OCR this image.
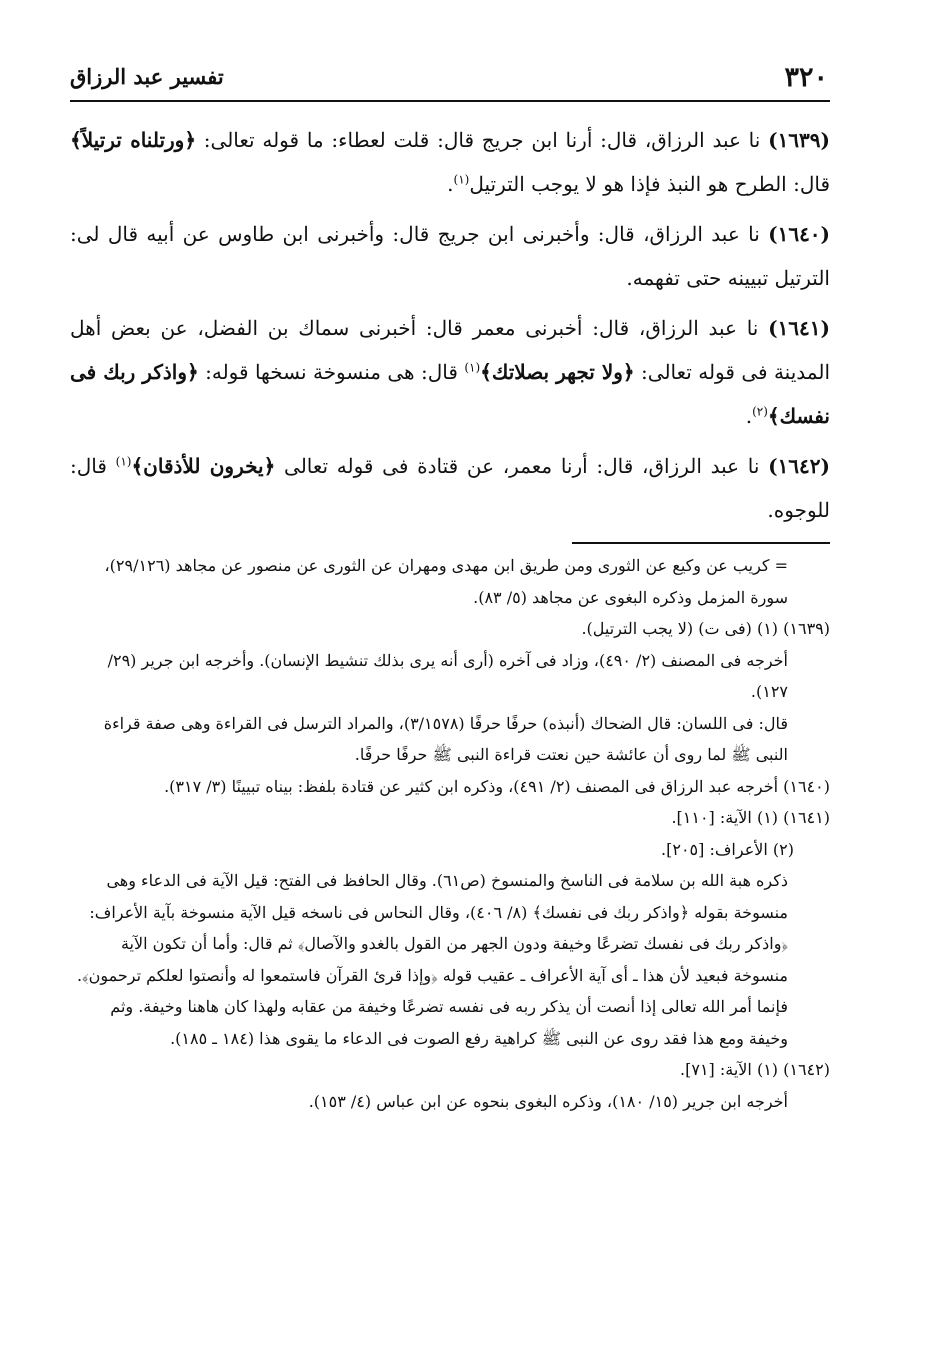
٣٢٠
تفسير عبد الرزاق

(١٦٣٩) نا عبد الرزاق، قال: أرنا ابن جريج قال: قلت لعطاء: ما قوله تعالى: ﴿ورتلناه ترتيلاً﴾ قال: الطرح هو النبذ فإذا هو لا يوجب الترتيل$^{(١)}$.

(١٦٤٠) نا عبد الرزاق، قال: وأخبرنى ابن جريج قال: وأخبرنى ابن طاوس عن أبيه قال لى: الترتيل تبيينه حتى تفهمه.

(١٦٤١) نا عبد الرزاق، قال: أخبرنى معمر قال: أخبرنى سماك بن الفضل، عن بعض أهل المدينة فى قوله تعالى: ﴿ولا تجهر بصلاتك﴾$^{(١)}$ قال: هى منسوخة نسخها قوله: ﴿واذكر ربك فى نفسك﴾$^{(٢)}$.

(١٦٤٢) نا عبد الرزاق، قال: أرنا معمر، عن قتادة فى قوله تعالى ﴿يخرون للأذقان﴾$^{(١)}$ قال: للوجوه.

= كريب عن وكيع عن الثورى ومن طريق ابن مهدى ومهران عن الثورى عن منصور عن مجاهد (٢٩/١٢٦)، سورة المزمل وذكره البغوى عن مجاهد (٥/ ٨٣).

(١٦٣٩) (١) (فى ت) (لا يجب الترتيل).

أخرجه فى المصنف (٢/ ٤٩٠)، وزاد فى آخره (أرى أنه يرى بذلك تنشيط الإنسان). وأخرجه ابن جرير (٢٩/ ١٢٧).

قال: فى اللسان: قال الضحاك (أنبذه) حرفًا حرفًا (٣/١٥٧٨)، والمراد الترسل فى القراءة وهى صفة قراءة النبى ﷺ لما روى أن عائشة حين نعتت قراءة النبى ﷺ حرفًا حرفًا.

(١٦٤٠) أخرجه عبد الرزاق فى المصنف (٢/ ٤٩١)، وذكره ابن كثير عن قتادة بلفظ: بيناه تبيينًا (٣/ ٣١٧).

(١٦٤١) (١) الآية: [١١٠].

(٢) الأعراف: [٢٠٥].

ذكره هبة الله بن سلامة فى الناسخ والمنسوخ (ص٦١). وقال الحافظ فى الفتح: قيل الآية فى الدعاء وهى منسوخة بقوله ﴿واذكر ربك فى نفسك﴾ (٨/ ٤٠٦)، وقال النحاس فى ناسخه قيل الآية منسوخة بآية الأعراف: ﴿واذكر ربك فى نفسك تضرعًا وخيفة ودون الجهر من القول بالغدو والآصال﴾ ثم قال: وأما أن تكون الآية منسوخة فبعيد لأن هذا ـ أى آية الأعراف ـ عقيب قوله ﴿وإذا قرئ القرآن فاستمعوا له وأنصتوا لعلكم ترحمون﴾. فإنما أمر الله تعالى إذا أنصت أن يذكر ربه فى نفسه تضرعًا وخيفة من عقابه ولهذا كان هاهنا وخيفة. وثم وخيفة ومع هذا فقد روى عن النبى ﷺ كراهية رفع الصوت فى الدعاء ما يقوى هذا (١٨٤ ـ ١٨٥).

(١٦٤٢) (١) الآية: [٧١].

أخرجه ابن جرير (١٥/ ١٨٠)، وذكره البغوى بنحوه عن ابن عباس (٤/ ١٥٣).
